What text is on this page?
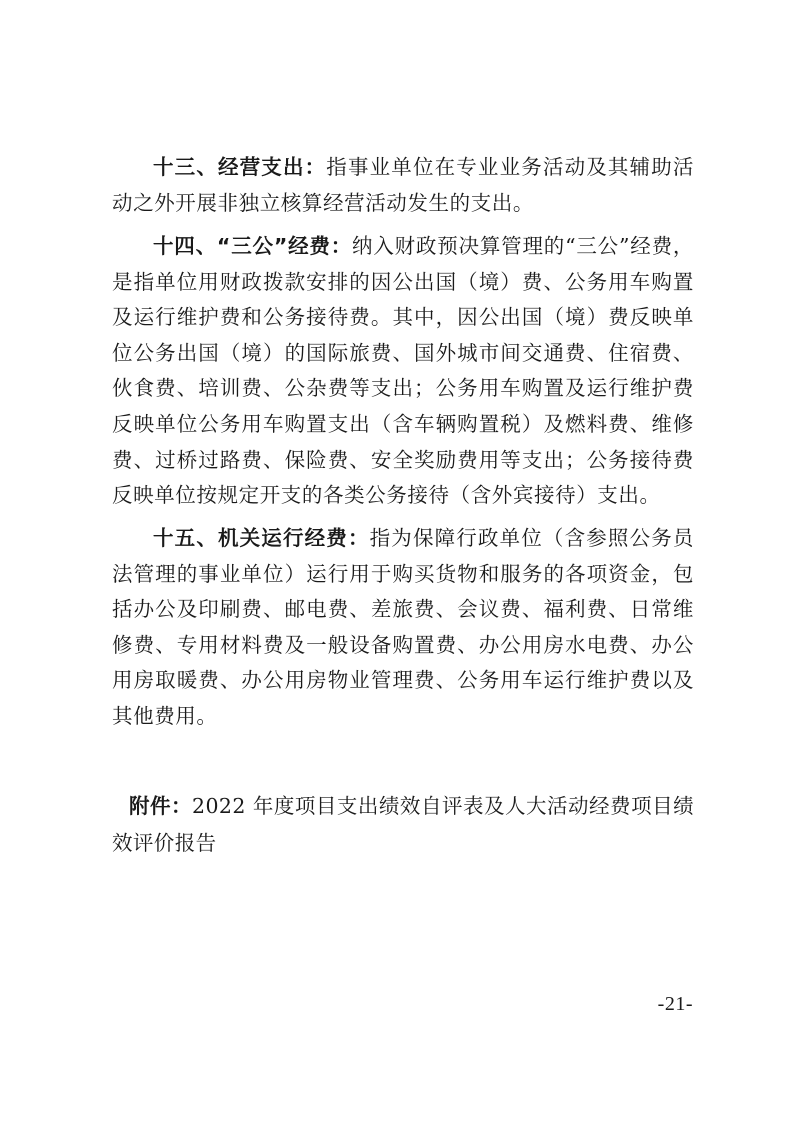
十三、经营支出：指事业单位在专业业务活动及其辅助活动之外开展非独立核算经营活动发生的支出。

十四、“三公”经费：纳入财政预决算管理的“三公”经费，是指单位用财政拨款安排的因公出国（境）费、公务用车购置及运行维护费和公务接待费。其中，因公出国（境）费反映单位公务出国（境）的国际旅费、国外城市间交通费、住宿费、伙食费、培训费、公杂费等支出；公务用车购置及运行维护费反映单位公务用车购置支出（含车辆购置税）及燃料费、维修费、过桥过路费、保险费、安全奖励费用等支出；公务接待费反映单位按规定开支的各类公务接待（含外宾接待）支出。

十五、机关运行经费：指为保障行政单位（含参照公务员法管理的事业单位）运行用于购买货物和服务的各项资金，包括办公及印刷费、邮电费、差旅费、会议费、福利费、日常维修费、专用材料费及一般设备购置费、办公用房水电费、办公用房取暖费、办公用房物业管理费、公务用车运行维护费以及其他费用。

附件：2022 年度项目支出绩效自评表及人大活动经费项目绩效评价报告

-21-
